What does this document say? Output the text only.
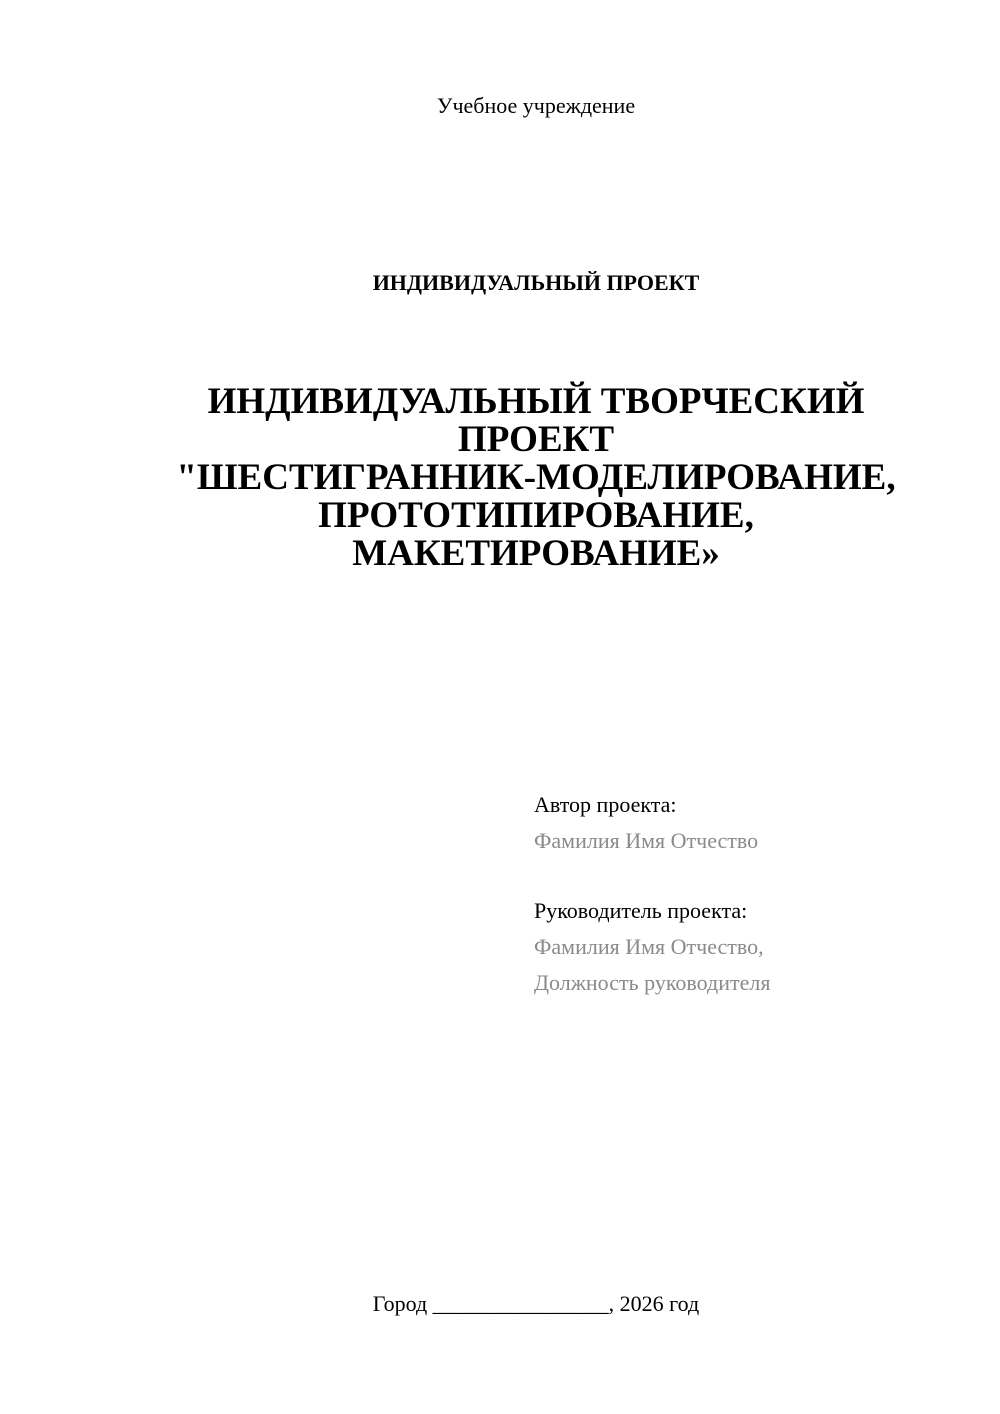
Учебное учреждение
ИНДИВИДУАЛЬНЫЙ ПРОЕКТ
ИНДИВИДУАЛЬНЫЙ ТВОРЧЕСКИЙ
ПРОЕКТ
"ШЕСТИГРАННИК-МОДЕЛИРОВАНИЕ,
ПРОТОТИПИРОВАНИЕ,
МАКЕТИРОВАНИЕ»
Автор проекта:
Фамилия Имя Отчество
Руководитель проекта:
Фамилия Имя Отчество,
Должность руководителя
Город ________________, 2026 год
